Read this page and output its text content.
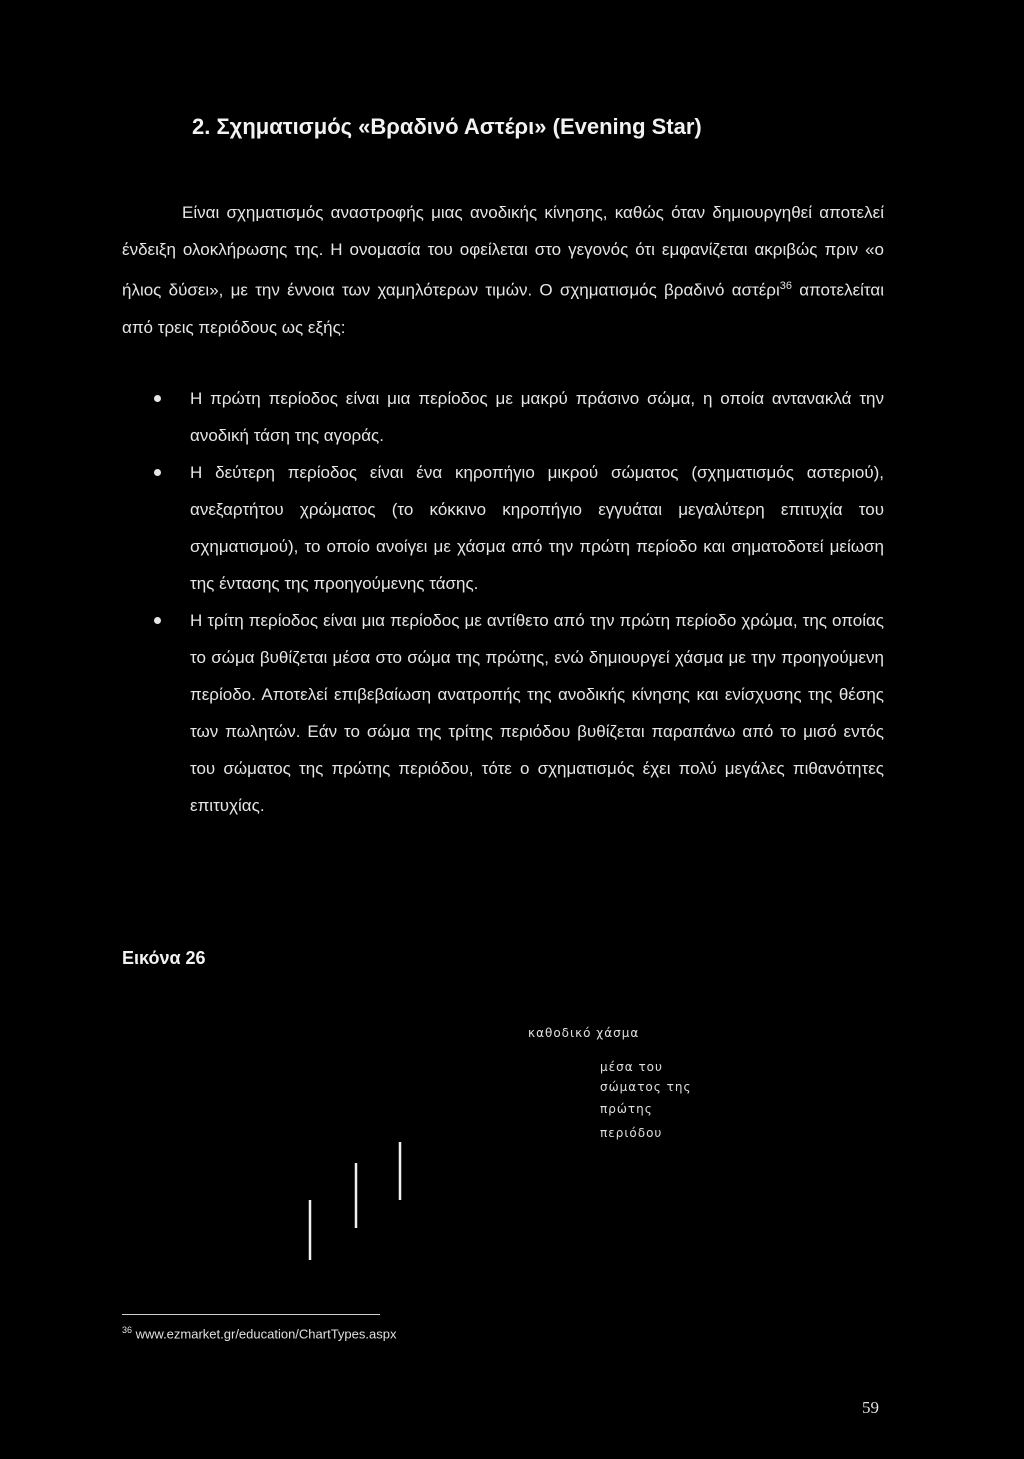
2. Σχηματισμός «Βραδινό Αστέρι» (Evening Star)

Είναι σχηματισμός αναστροφής μιας ανοδικής κίνησης, καθώς όταν δημιουργηθεί αποτελεί ένδειξη ολοκλήρωσης της. Η ονομασία του οφείλεται στο γεγονός ότι εμφανίζεται ακριβώς πριν «ο ήλιος δύσει», με την έννοια των χαμηλότερων τιμών. Ο σχηματισμός βραδινό αστέρι$^{36}$ αποτελείται από τρεις περιόδους ως εξής:

Η πρώτη περίοδος είναι μια περίοδος με μακρύ πράσινο σώμα, η οποία αντανακλά την ανοδική τάση της αγοράς.
Η δεύτερη περίοδος είναι ένα κηροπήγιο μικρού σώματος (σχηματισμός αστεριού), ανεξαρτήτου χρώματος (το κόκκινο κηροπήγιο εγγυάται μεγαλύτερη επιτυχία του σχηματισμού), το οποίο ανοίγει με χάσμα από την πρώτη περίοδο και σηματοδοτεί μείωση της έντασης της προηγούμενης τάσης.
Η τρίτη περίοδος είναι μια περίοδος με αντίθετο από την πρώτη περίοδο χρώμα, της οποίας το σώμα βυθίζεται μέσα στο σώμα της πρώτης, ενώ δημιουργεί χάσμα με την προηγούμενη περίοδο. Αποτελεί επιβεβαίωση ανατροπής της ανοδικής κίνησης και ενίσχυσης της θέσης των πωλητών. Εάν το σώμα της τρίτης περιόδου βυθίζεται παραπάνω από το μισό εντός του σώματος της πρώτης περιόδου, τότε ο σχηματισμός έχει πολύ μεγάλες πιθανότητες επιτυχίας.

Εικόνα 26

καθοδικό χάσμα
μέσα του
σώματος της
πρώτης
περιόδου

$^{36}$ www.ezmarket.gr/education/ChartTypes.aspx

59
